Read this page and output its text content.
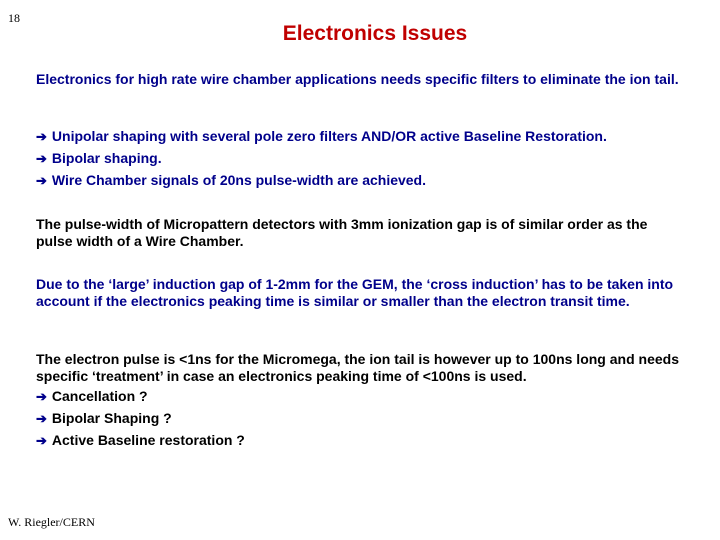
18
Electronics Issues
Electronics for high rate wire chamber applications needs specific filters to eliminate the ion tail.
➔ Unipolar shaping with several pole zero filters AND/OR active Baseline Restoration.
➔ Bipolar shaping.
➔ Wire Chamber signals of 20ns pulse-width are achieved.
The pulse-width of Micropattern detectors with 3mm ionization gap is of similar order as the pulse width of a Wire Chamber.
Due to the ‘large’ induction gap of 1-2mm for the GEM, the ‘cross induction’ has to be taken into account if the electronics peaking time is similar or smaller than the electron transit time.
The electron pulse is <1ns for the Micromega, the ion tail is however up to 100ns long and needs specific ‘treatment’ in case an electronics peaking time of <100ns is used.
➔ Cancellation ?
➔ Bipolar Shaping ?
➔ Active Baseline restoration ?
W. Riegler/CERN
